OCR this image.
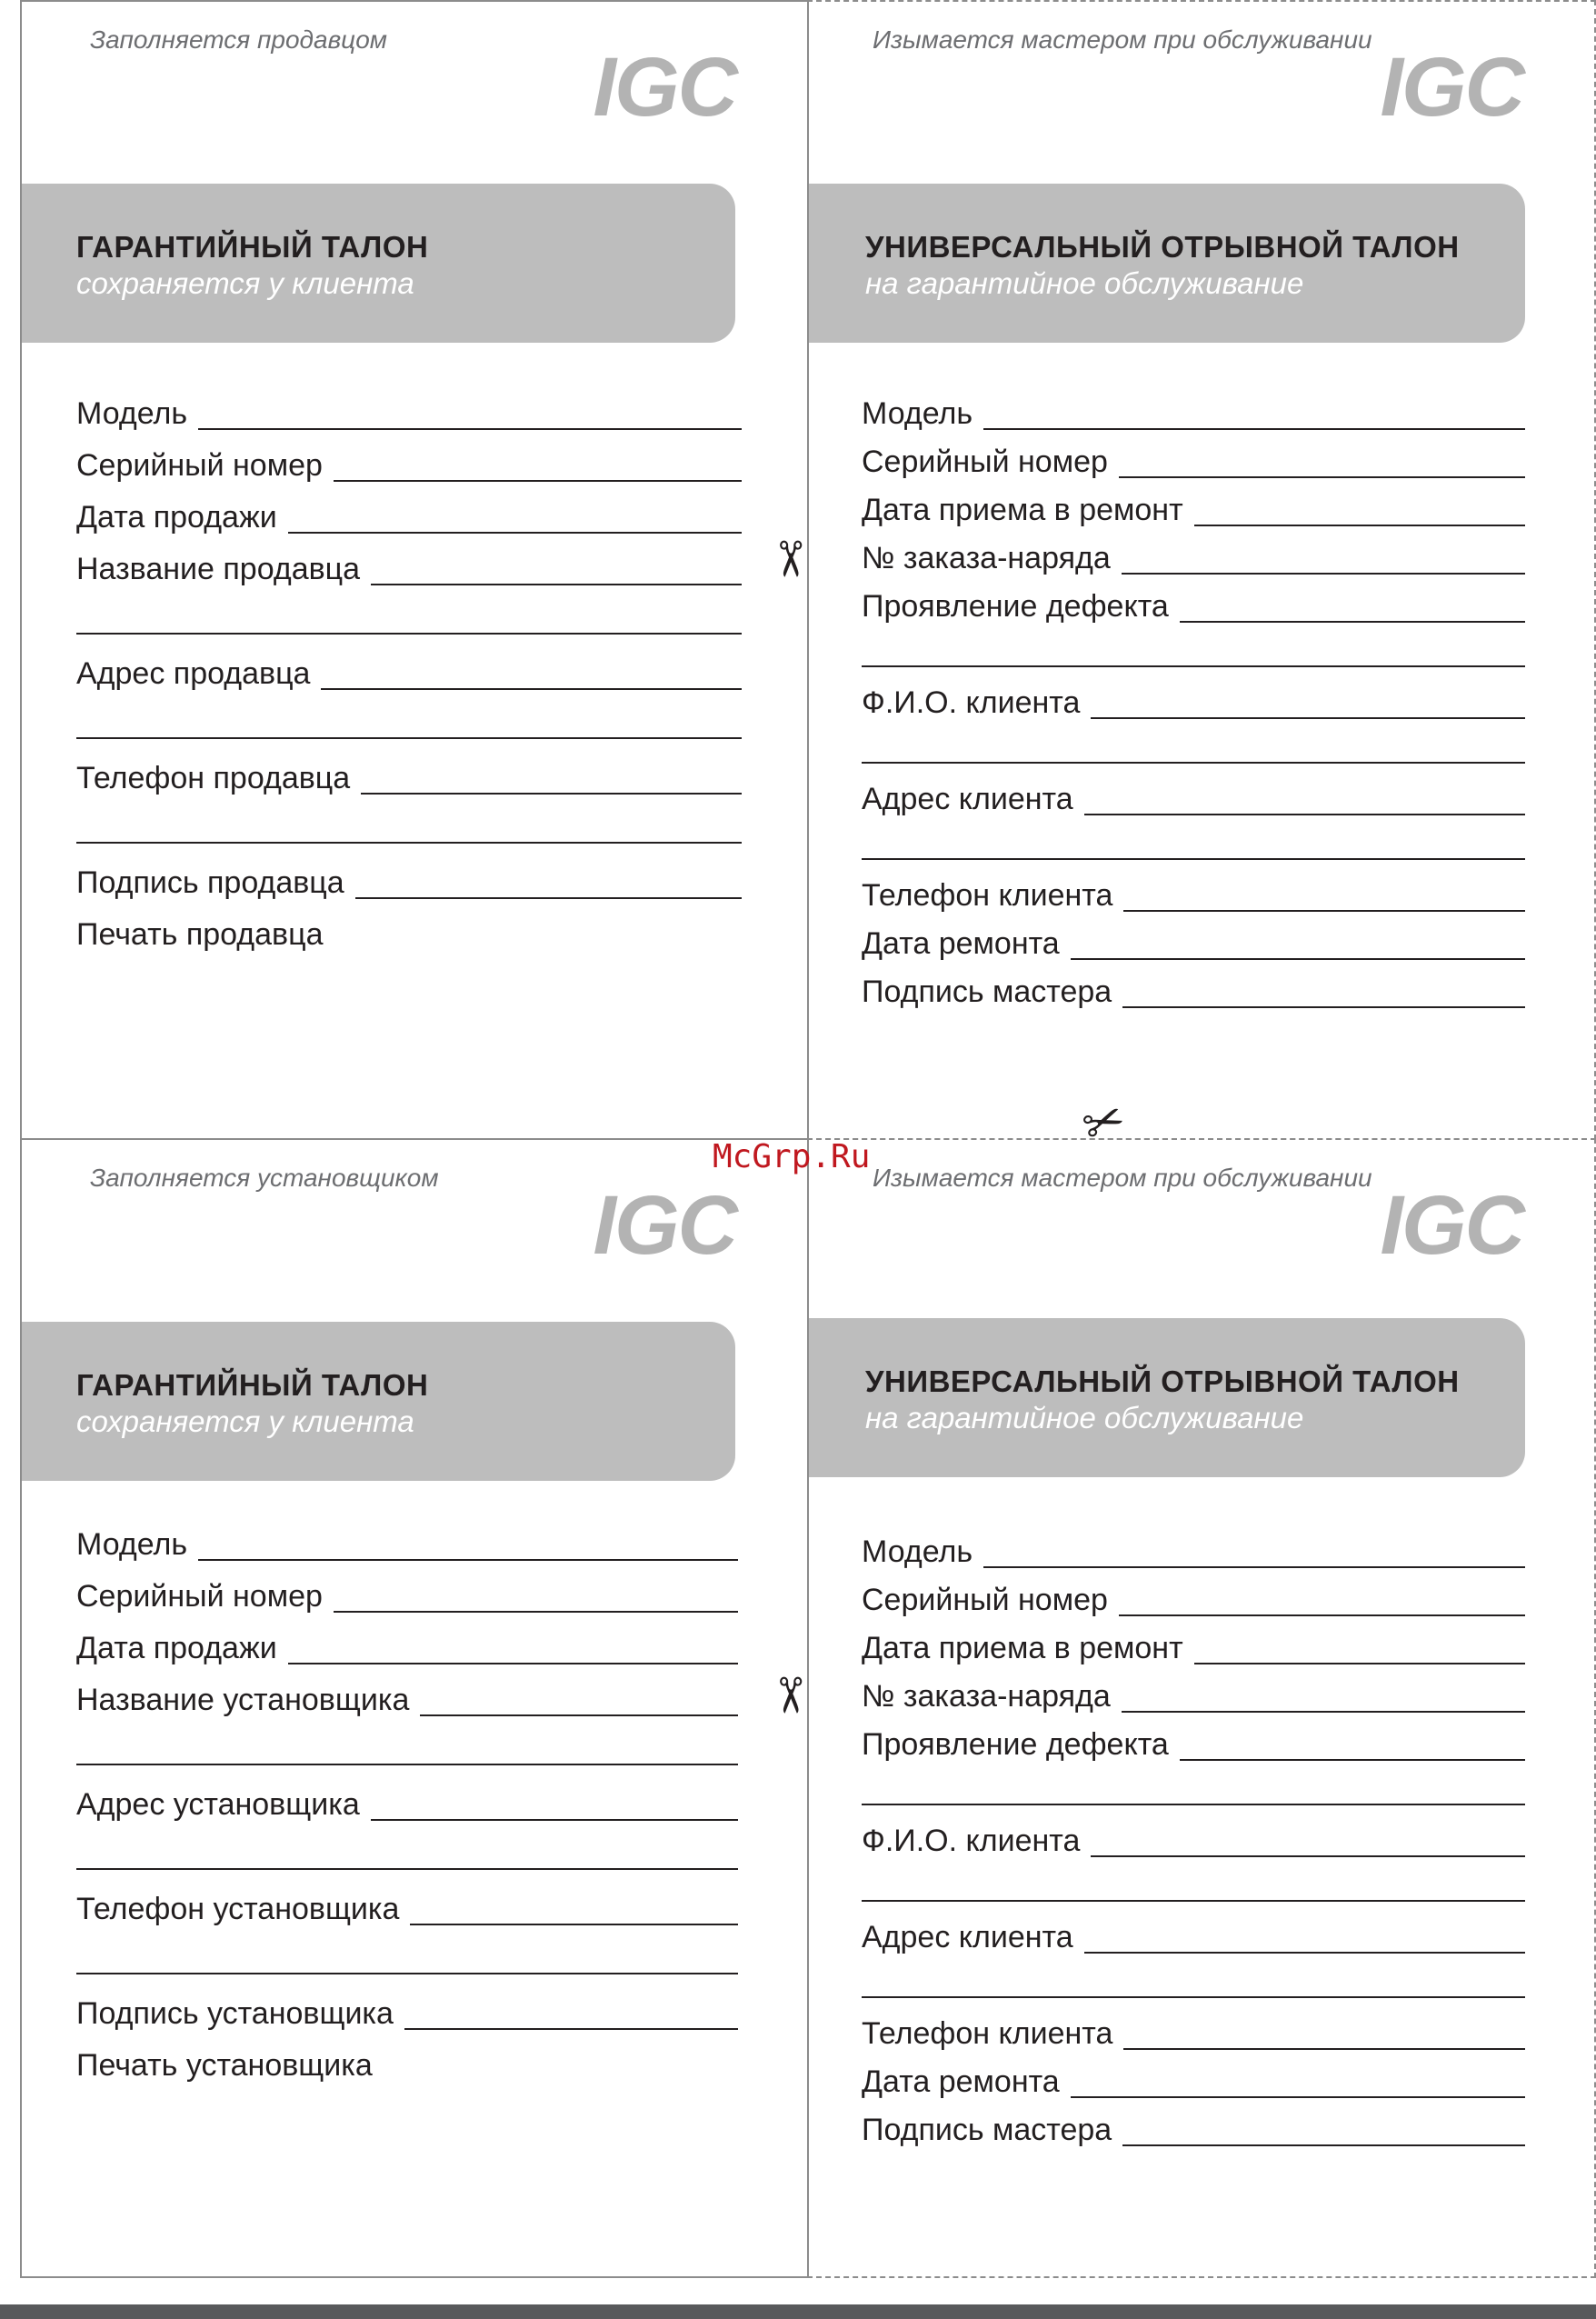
Заполняется продавцом
IGC
ГАРАНТИЙНЫЙ ТАЛОН
сохраняется у клиента
Модель
Серийный номер
Дата продажи
Название продавца
Адрес продавца
Телефон продавца
Подпись продавца
Печать продавца
Изымается мастером при обслуживании
IGC
УНИВЕРСАЛЬНЫЙ ОТРЫВНОЙ ТАЛОН
на гарантийное обслуживание
Модель
Серийный номер
Дата приема в ремонт
№ заказа-наряда
Проявление дефекта
Ф.И.О. клиента
Адрес клиента
Телефон клиента
Дата ремонта
Подпись мастера
Заполняется установщиком
IGC
ГАРАНТИЙНЫЙ ТАЛОН
сохраняется у клиента
Модель
Серийный номер
Дата продажи
Название установщика
Адрес установщика
Телефон установщика
Подпись установщика
Печать установщика
Изымается мастером при обслуживании
IGC
УНИВЕРСАЛЬНЫЙ ОТРЫВНОЙ ТАЛОН
на гарантийное обслуживание
Модель
Серийный номер
Дата приема в ремонт
№ заказа-наряда
Проявление дефекта
Ф.И.О. клиента
Адрес клиента
Телефон клиента
Дата ремонта
Подпись мастера
✂
✂
✂
McGrp.Ru
